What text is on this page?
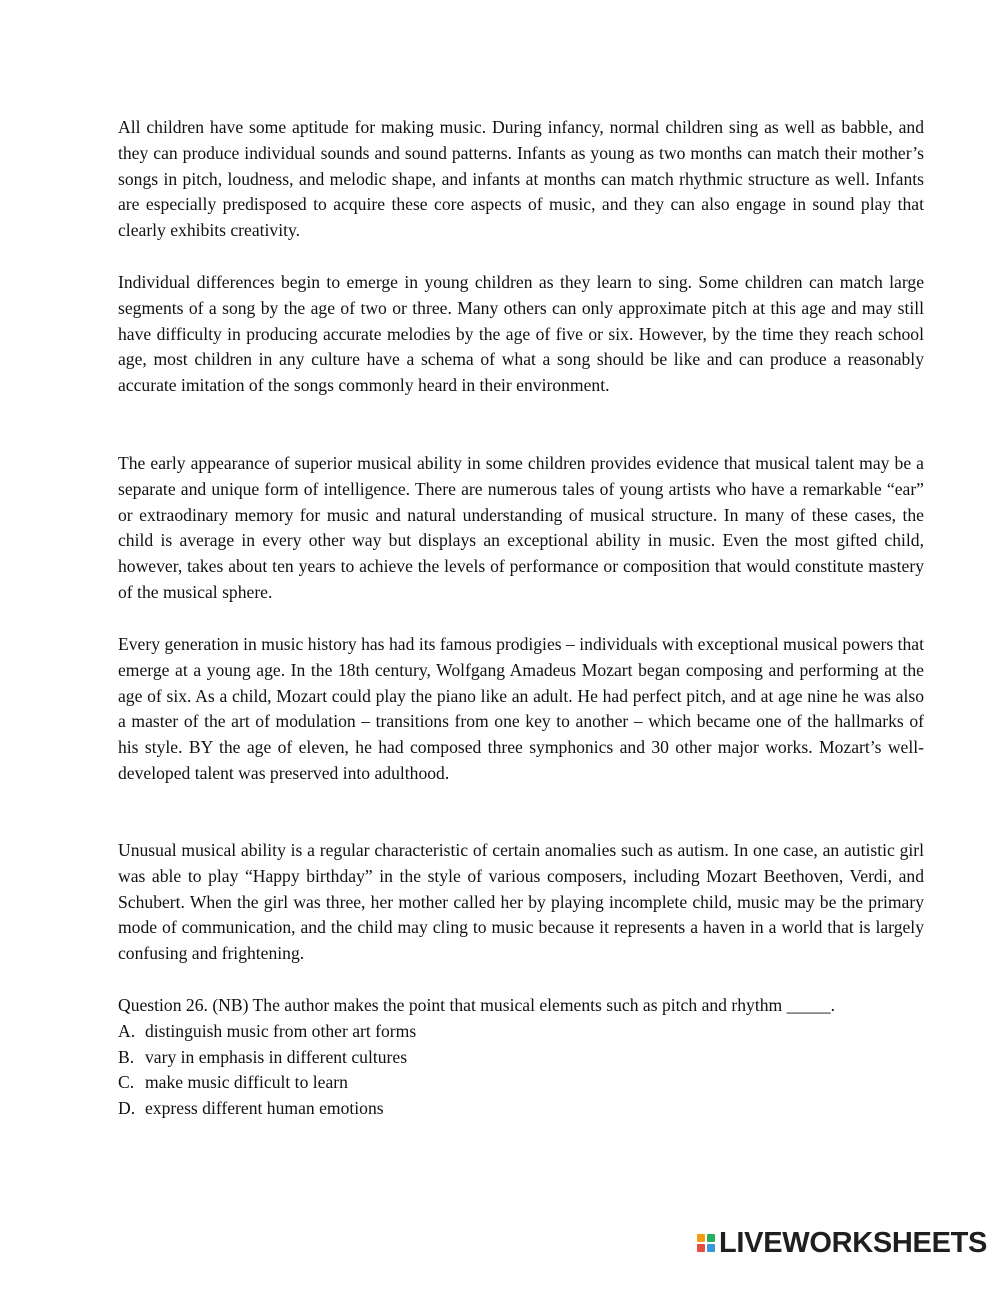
All children have some aptitude for making music. During infancy, normal children sing as well as babble, and they can produce individual sounds and sound patterns. Infants as young as two months can match their mother’s songs in pitch, loudness, and melodic shape, and infants at months can match rhythmic structure as well. Infants are especially predisposed to acquire these core aspects of music, and they can also engage in sound play that clearly exhibits creativity.

Individual differences begin to emerge in young children as they learn to sing. Some children can match large segments of a song by the age of two or three. Many others can only approximate pitch at this age and may still have difficulty in producing accurate melodies by the age of five or six. However, by the time they reach school age, most children in any culture have a schema of what a song should be like and can produce a reasonably accurate imitation of the songs commonly heard in their environment.

The early appearance of superior musical ability in some children provides evidence that musical talent may be a separate and unique form of intelligence. There are numerous tales of young artists who have a remarkable “ear” or extraodinary memory for music and natural understanding of musical structure. In many of these cases, the child is average in every other way but displays an exceptional ability in music. Even the most gifted child, however, takes about ten years to achieve the levels of performance or composition that would constitute mastery of the musical sphere.

Every generation in music history has had its famous prodigies – individuals with exceptional musical powers that emerge at a young age. In the 18th century, Wolfgang Amadeus Mozart began composing and performing at the age of six. As a child, Mozart could play the piano like an adult. He had perfect pitch, and at age nine he was also a master of the art of modulation – transitions from one key to another – which became one of the hallmarks of his style. BY the age of eleven, he had composed three symphonics and 30 other major works. Mozart’s well-developed talent was preserved into adulthood.

Unusual musical ability is a regular characteristic of certain anomalies such as autism. In one case, an autistic girl was able to play “Happy birthday” in the style of various composers, including Mozart Beethoven, Verdi, and Schubert. When the girl was three, her mother called her by playing incomplete child, music may be the primary mode of communication, and the child may cling to music because it represents a haven in a world that is largely confusing and frightening.

Question 26. (NB) The author makes the point that musical elements such as pitch and rhythm _____.

A. distinguish music from other art forms
B. vary in emphasis in different cultures
C. make music difficult to learn
D. express different human emotions
LIVEWORKSHEETS
